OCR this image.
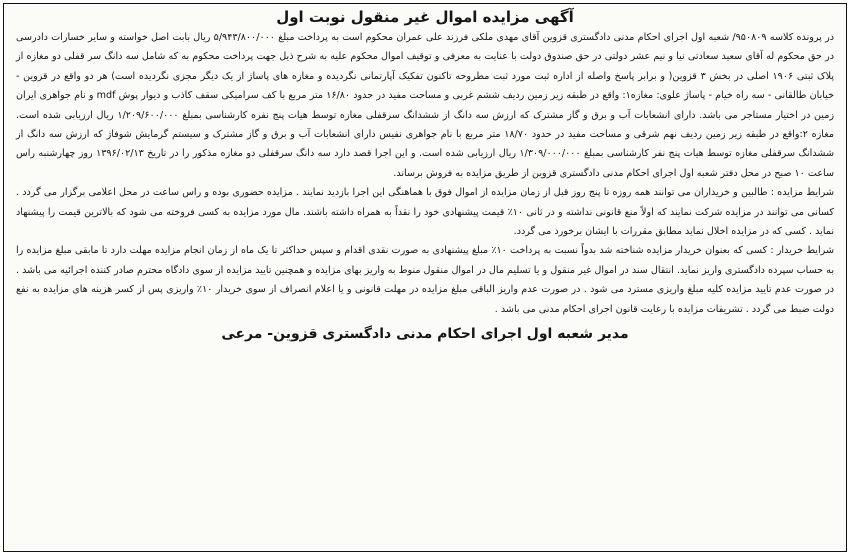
آگهی مزایده اموال غیر منقول نوبت اول

در پرونده کلاسه ۹۵۰۸۰۹/ شعبه اول اجرای احکام مدنی دادگستری قزوین آقای مهدی ملکی فرزند علی عمران محکوم است به پرداخت مبلغ ۵/۹۴۳/۸۰۰/۰۰۰ ریال بابت اصل خواسته و سایر خسارات دادرسی در حق محکوم له آقای سعید سعادتی نیا و نیم عشر دولتی در حق صندوق دولت با عنایت به معرفی و توقیف اموال محکوم علیه به شرح ذیل جهت پرداخت محکوم به که شامل سه دانگ سر قفلی دو مغازه از پلاک ثبتی ۱۹۰۶ اصلی در بخش ۳ قزوین( و برابر پاسخ واصله از اداره ثبت مورد ثبت مطروحه تاکنون تفکیک آپارتمانی نگردیده و مغازه های پاساژ از یک دیگر مجزی نگردیده است) هر دو واقع در قزوین - خیابان طالقانی - سه راه خیام - پاساژ علوی: مغازه۱: واقع در طبقه زیر زمین ردیف ششم غربی و مساحت مفید در حدود ۱۶/۸۰ متر مربع با کف سرامیکی سقف کاذب و دیوار پوش mdf و نام جواهری ایران زمین در اختیار مستاجر می باشد. دارای انشعابات آب و برق و گاز مشترک که ارزش سه دانگ از ششدانگ سرقفلی مغازه توسط هیات پنج نفره کارشناسی بمبلغ ۱/۲۰۹/۶۰۰/۰۰۰ ریال ارزیابی شده است. مغازه ۲:واقع در طبقه زیر زمین ردیف نهم شرقی و مساحت مفید در حدود ۱۸/۷۰ متر مربع با نام جواهری نفیس دارای انشعابات آب و برق و گاز مشترک و سیستم گرمایش شوفاژ که ارزش سه دانگ از ششدانگ سرقفلی مغازه توسط هیات پنج نفر کارشناسی بمبلغ ۱/۳۰۹/۰۰۰/۰۰۰ ریال ارزیابی شده است. و این اجرا قصد دارد سه دانگ سرقفلی دو مغازه مذکور را در تاریخ ۱۳۹۶/۰۲/۱۳ روز چهارشنبه راس ساعت ۱۰ صبح در محل دفتر شعبه اول اجرای احکام مدنی دادگستری قزوین از طریق مزایده به فروش برساند.

شرایط مزایده : طالبین و خریداران می توانند همه روزه تا پنج روز قبل از زمان مزایده از اموال فوق با هماهنگی این اجرا بازدید نمایند . مزایده حضوری بوده و راس ساعت در محل اعلامی برگزار می گردد . کسانی می توانند در مزایده شرکت نمایند که اولاً منع قانونی نداشته و در ثانی ۱۰٪ قیمت پیشنهادی خود را نقداً به همراه داشته باشند. مال مورد مزایده به کسی فروخته می شود که بالاترین قیمت را پیشنهاد نماید . کسی که در مزایده اخلال نماید مطابق مقررات با ایشان برخورد می گردد.

شرایط خریدار : کسی که بعنوان خریدار مزایده شناخته شد بدواً نسبت به پرداخت ۱۰٪ مبلغ پیشنهادی به صورت نقدی اقدام و سپس حداکثر تا یک ماه از زمان انجام مزایده مهلت دارد تا مابقی مبلغ مزایده را به حساب سپرده دادگستری واریز نماید. انتقال سند در اموال غیر منقول و یا تسلیم مال در اموال منقول منوط به واریز بهای مزایده و همچنین تایید مزایده از سوی دادگاه محترم صادر کننده اجرائیه می باشد . در صورت عدم تایید مزایده کلیه مبلغ واریزی مسترد می شود . در صورت عدم واریز الباقی مبلغ مزایده در مهلت قانونی و یا اعلام انصراف از سوی خریدار ۱۰٪ واریزی پس از کسر هزینه های مزایده به نفع دولت ضبط می گردد . تشریفات مزایده با رعایت قانون اجرای احکام مدنی می باشد .

مدیر شعبه اول اجرای احکام مدنی دادگستری قزوین- مرعی
